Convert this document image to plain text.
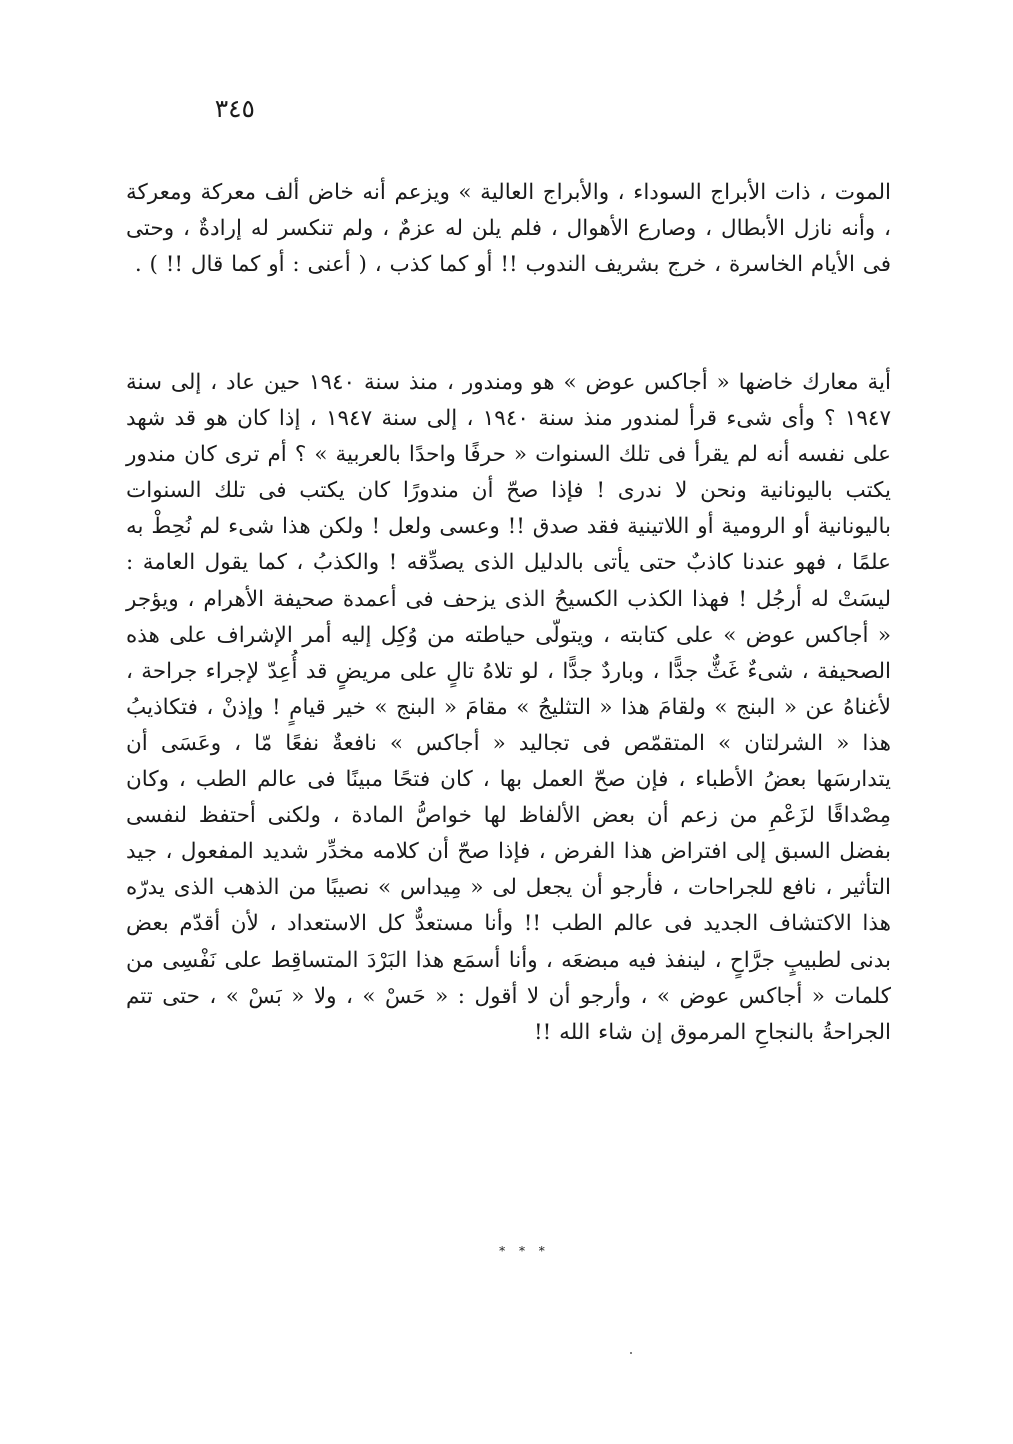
٣٤٥

الموت ، ذات الأبراج السوداء ، والأبراج العالية » ويزعم أنه خاض ألف معركة ومعركة ، وأنه نازل الأبطال ، وصارع الأهوال ، فلم يلن له عزمٌ ، ولم تنكسر له إرادةٌ ، وحتى فى الأيام الخاسرة ، خرج بشريف الندوب !! أو كما كذب ، ( أعنى : أو كما قال !! ) .

أية معارك خاضها « أجاكس عوض » هو ومندور ، منذ سنة ١٩٤٠ حين عاد ، إلى سنة ١٩٤٧ ؟ وأى شىء قرأ لمندور منذ سنة ١٩٤٠ ، إلى سنة ١٩٤٧ ، إذا كان هو قد شهد على نفسه أنه لم يقرأ فى تلك السنوات « حرفًا واحدًا بالعربية » ؟ أم ترى كان مندور يكتب باليونانية ونحن لا ندرى ! فإذا صحّ أن مندورًا كان يكتب فى تلك السنوات باليونانية أو الرومية أو اللاتينية فقد صدق !! وعسى ولعل ! ولكن هذا شىء لم نُحِطْ به علمًا ، فهو عندنا كاذبٌ حتى يأتى بالدليل الذى يصدِّقه ! والكذبُ ، كما يقول العامة : ليسَتْ له أرجُل ! فهذا الكذب الكسيحُ الذى يزحف فى أعمدة صحيفة الأهرام ، ويؤجر « أجاكس عوض » على كتابته ، ويتولّى حياطته من وُكِل إليه أمر الإشراف على هذه الصحيفة ، شىءٌ غَثٌّ جدًّا ، وباردٌ جدًّا ، لو تلاهُ تالٍ على مريضٍ قد أُعِدّ لإجراء جراحة ، لأغناهُ عن « البنج » ولقامَ هذا « التثليجُ » مقامَ « البنج » خير قيامٍ ! وإذنْ ، فتكاذيبُ هذا « الشرلتان » المتقمّص فى تجاليد « أجاكس » نافعةٌ نفعًا مّا ، وعَسَى أن يتدارسَها بعضُ الأطباء ، فإن صحّ العمل بها ، كان فتحًا مبينًا فى عالم الطب ، وكان مِصْداقًا لزَعْمِ من زعم أن بعض الألفاظ لها خواصُّ المادة ، ولكنى أحتفظ لنفسى بفضل السبق إلى افتراض هذا الفرض ، فإذا صحّ أن كلامه مخدِّر شديد المفعول ، جيد التأثير ، نافع للجراحات ، فأرجو أن يجعل لى « مِيداس » نصيبًا من الذهب الذى يدرّه هذا الاكتشاف الجديد فى عالم الطب !! وأنا مستعدٌّ كل الاستعداد ، لأن أقدّم بعض بدنى لطبيبٍ جرَّاحٍ ، لينفذ فيه مبضعَه ، وأنا أسمَع هذا البَرْدَ المتساقِط على نَفْسِى من كلمات « أجاكس عوض » ، وأرجو أن لا أقول : « حَسْ » ، ولا « بَسْ » ، حتى تتم الجراحةُ بالنجاحِ المرموق إن شاء الله !!

* * *
